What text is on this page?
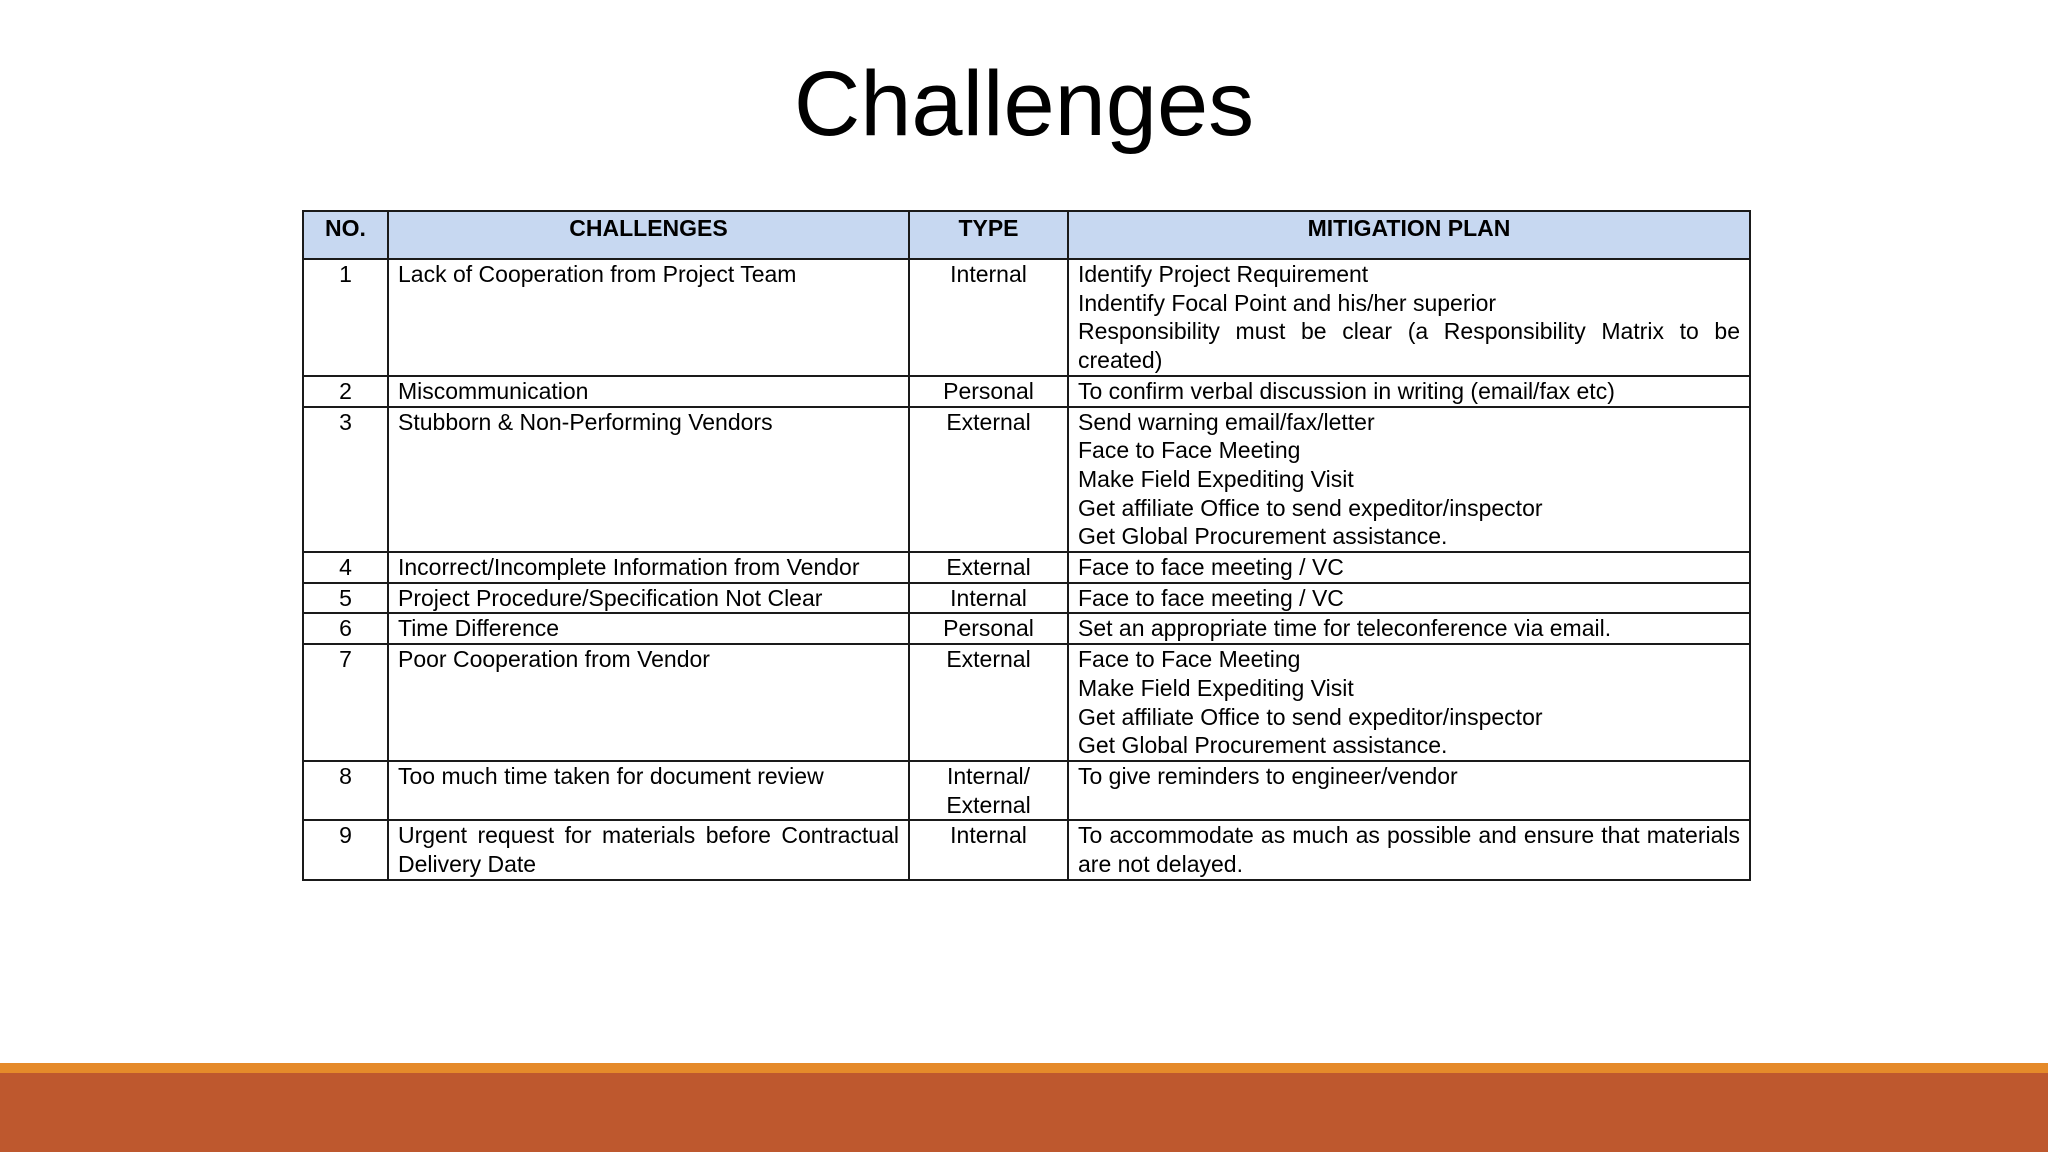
Challenges
NO.	CHALLENGES	TYPE	MITIGATION PLAN
1	Lack of Cooperation from Project Team	Internal	Identify Project Requirement
Indentify Focal Point and his/her superior
Responsibility must be clear (a Responsibility Matrix to be created)

2	Miscommunication	Personal	To confirm verbal discussion in writing (email/fax etc)

3	Stubborn & Non-Performing Vendors	External	Send warning email/fax/letter
Face to Face Meeting
Make Field Expediting Visit
Get affiliate Office to send expeditor/inspector
Get Global Procurement assistance.

4	Incorrect/Incomplete Information from Vendor	External	Face to face meeting / VC

5	Project Procedure/Specification Not Clear	Internal	Face to face meeting / VC

6	Time Difference	Personal	Set an appropriate time for teleconference via email.

7	Poor Cooperation from Vendor	External	Face to Face Meeting
Make Field Expediting Visit
Get affiliate Office to send expeditor/inspector
Get Global Procurement assistance.

8	Too much time taken for document review	Internal/
External	To give reminders to engineer/vendor

9	Urgent request for materials before Contractual Delivery Date	Internal	To accommodate as much as possible and ensure that materials are not delayed.
